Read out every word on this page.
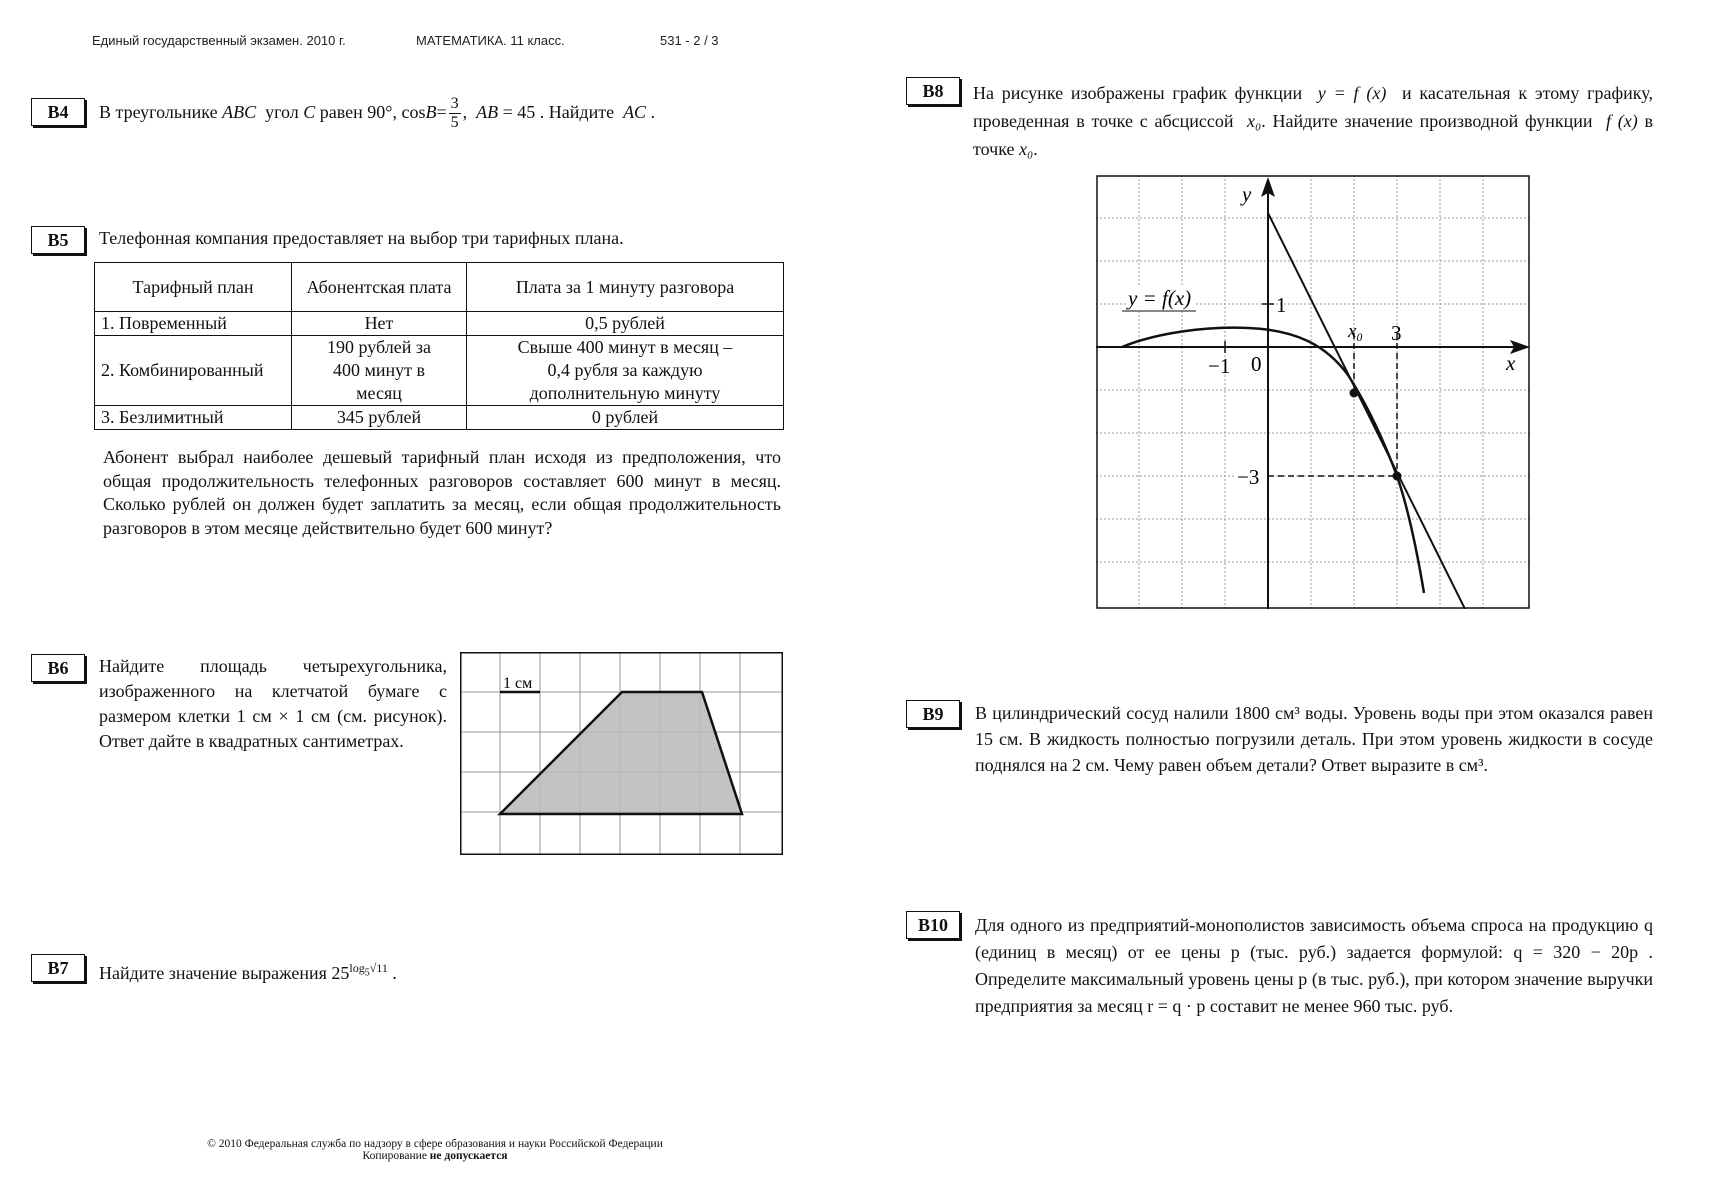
Единый государственный экзамен. 2010 г.	МАТЕМАТИКА. 11 класс.	531 - 2 / 3
B4	В треугольнике ABC угол C равен 90°, $\cos B= \frac{3}{5}$ ,  AB = 45 . Найдите AC .
B5	Телефонная компания предоставляет на выбор три тарифных плана.
Тарифный план	Абонентская плата	Плата за 1 минуту разговора
1. Повременный	Нет	0,5 рублей
2. Комбинированный	190 рублей за 400 минут в месяц	Свыше 400 минут в месяц – 0,4 рубля за каждую дополнительную минуту
3. Безлимитный	345 рублей	0 рублей
Абонент выбрал наиболее дешевый тарифный план исходя из предположения, что общая продолжительность телефонных разговоров составляет 600 минут в месяц. Сколько рублей он должен будет заплатить за месяц, если общая продолжительность разговоров в этом месяце действительно будет 600 минут?
B6	Найдите площадь четырехугольника, изображенного на клетчатой бумаге с размером клетки 1 см × 1 см (см. рисунок). Ответ дайте в квадратных сантиметрах.
1 см
B7	Найдите значение выражения $25^{log_5√11}$ .
B8	На рисунке изображены график функции y = f (x) и касательная к этому графику, проведенная в точке с абсциссой x₀. Найдите значение производной функции f (x) в точке x₀.
y = f(x)
y
x
1
−1 0
x₀ 3
−3
B9	В цилиндрический сосуд налили 1800 см³ воды. Уровень воды при этом оказался равен 15 см. В жидкость полностью погрузили деталь. При этом уровень жидкости в сосуде поднялся на 2 см. Чему равен объем детали? Ответ выразите в см³.
B10	Для одного из предприятий-монополистов зависимость объема спроса на продукцию q (единиц в месяц) от ее цены p (тыс. руб.) задается формулой: q = 320 − 20p . Определите максимальный уровень цены p (в тыс. руб.), при котором значение выручки предприятия за месяц r = q · p составит не менее 960 тыс. руб.
© 2010 Федеральная служба по надзору в сфере образования и науки Российской Федерации
Копирование не допускается
